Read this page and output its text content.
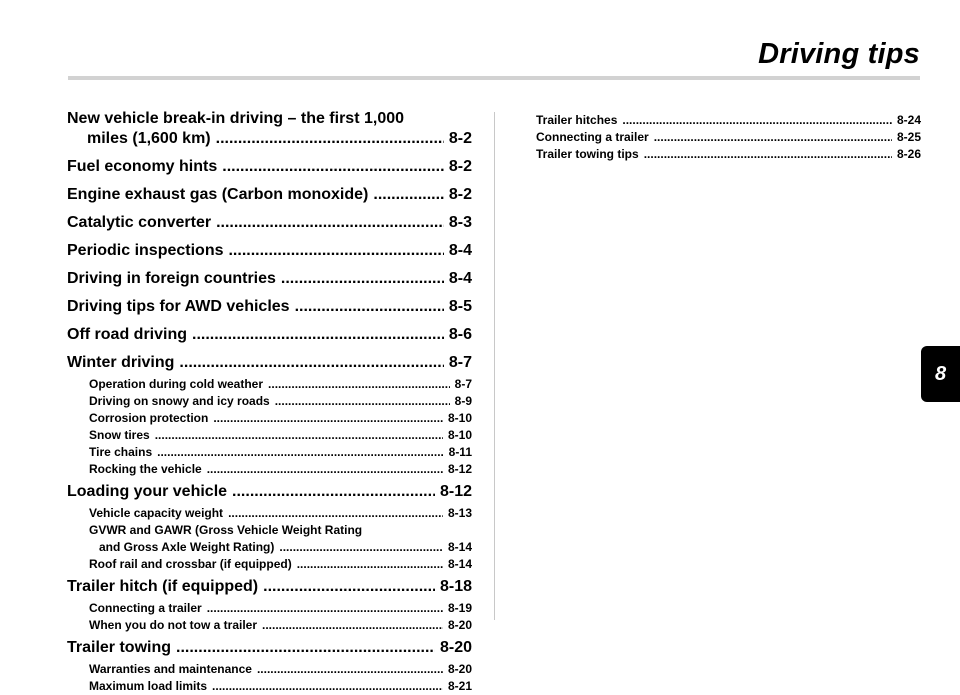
Driving tips
8
New vehicle break-in driving – the first 1,000
miles (1,600 km) .....	8-2
Fuel economy hints .....	8-2
Engine exhaust gas (Carbon monoxide) .....	8-2
Catalytic converter .....	8-3
Periodic inspections .....	8-4
Driving in foreign countries .....	8-4
Driving tips for AWD vehicles .....	8-5
Off road driving .....	8-6
Winter driving .....	8-7
Operation during cold weather .....	8-7
Driving on snowy and icy roads .....	8-9
Corrosion protection .....	8-10
Snow tires .....	8-10
Tire chains .....	8-11
Rocking the vehicle .....	8-12
Loading your vehicle .....	8-12
Vehicle capacity weight .....	8-13
GVWR and GAWR (Gross Vehicle Weight Rating
and Gross Axle Weight Rating) .....	8-14
Roof rail and crossbar (if equipped) .....	8-14
Trailer hitch (if equipped) .....	8-18
Connecting a trailer .....	8-19
When you do not tow a trailer .....	8-20
Trailer towing .....	8-20
Warranties and maintenance .....	8-20
Maximum load limits .....	8-21
Trailer hitches .....	8-24
Connecting a trailer .....	8-25
Trailer towing tips .....	8-26
